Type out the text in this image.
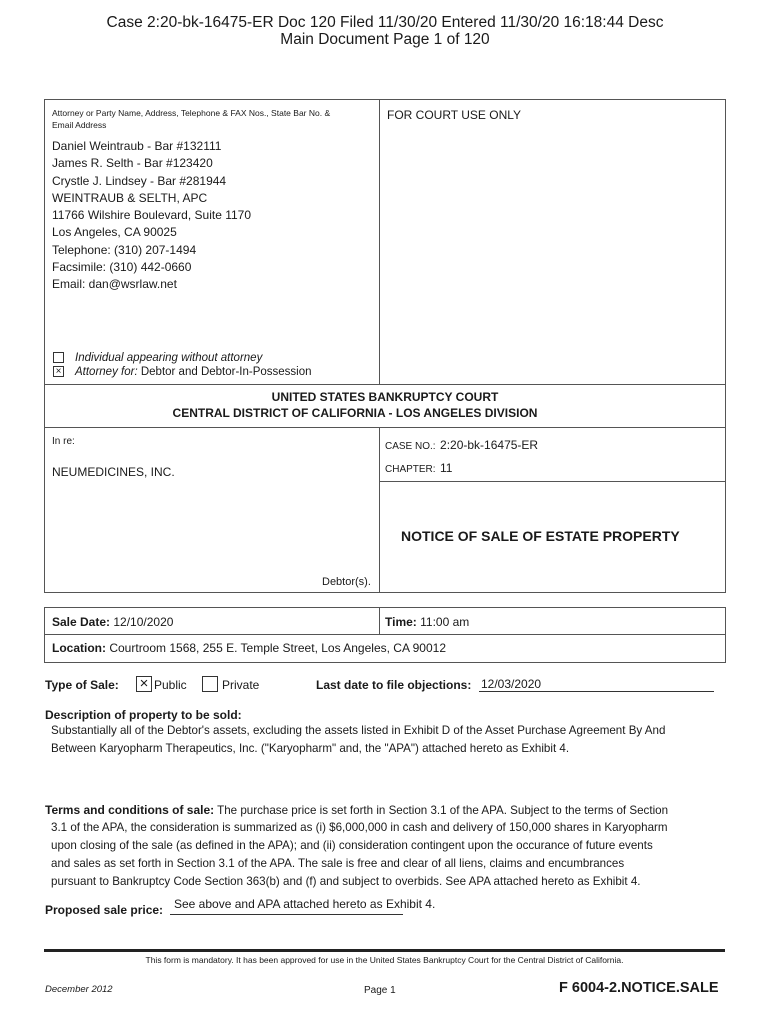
Case 2:20-bk-16475-ER Doc 120 Filed 11/30/20 Entered 11/30/20 16:18:44 Desc
Main Document Page 1 of 120
Attorney or Party Name, Address, Telephone & FAX Nos., State Bar No. &
Email Address
FOR COURT USE ONLY
Daniel Weintraub - Bar #132111
James R. Selth - Bar #123420
Crystle J. Lindsey - Bar #281944
WEINTRAUB & SELTH, APC
11766 Wilshire Boulevard, Suite 1170
Los Angeles, CA 90025
Telephone: (310) 207-1494
Facsimile: (310) 442-0660
Email: dan@wsrlaw.net
Individual appearing without attorney
× Attorney for: Debtor and Debtor-In-Possession
UNITED STATES BANKRUPTCY COURT
CENTRAL DISTRICT OF CALIFORNIA - LOS ANGELES DIVISION
In re:
NEUMEDICINES, INC.
Debtor(s).
CASE NO.: 2:20-bk-16475-ER
CHAPTER: 11
NOTICE OF SALE OF ESTATE PROPERTY
Sale Date: 12/10/2020	Time: 11:00 am
Location: Courtroom 1568, 255 E. Temple Street, Los Angeles, CA 90012
Type of Sale: × Public	Private	Last date to file objections: 12/03/2020
Description of property to be sold:
Substantially all of the Debtor's assets, excluding the assets listed in Exhibit D of the Asset Purchase Agreement By And
Between Karyopharm Therapeutics, Inc. ("Karyopharm" and, the "APA") attached hereto as Exhibit 4.
Terms and conditions of sale: The purchase price is set forth in Section 3.1 of the APA. Subject to the terms of Section
3.1 of the APA, the consideration is summarized as (i) $6,000,000 in cash and delivery of 150,000 shares in Karyopharm
upon closing of the sale (as defined in the APA); and (ii) consideration contingent upon the occurance of future events
and sales as set forth in Section 3.1 of the APA. The sale is free and clear of all liens, claims and encumbrances
pursuant to Bankruptcy Code Section 363(b) and (f) and subject to overbids. See APA attached hereto as Exhibit 4.
Proposed sale price: See above and APA attached hereto as Exhibit 4.
This form is mandatory. It has been approved for use in the United States Bankruptcy Court for the Central District of California.
December 2012	Page 1	F 6004-2.NOTICE.SALE
